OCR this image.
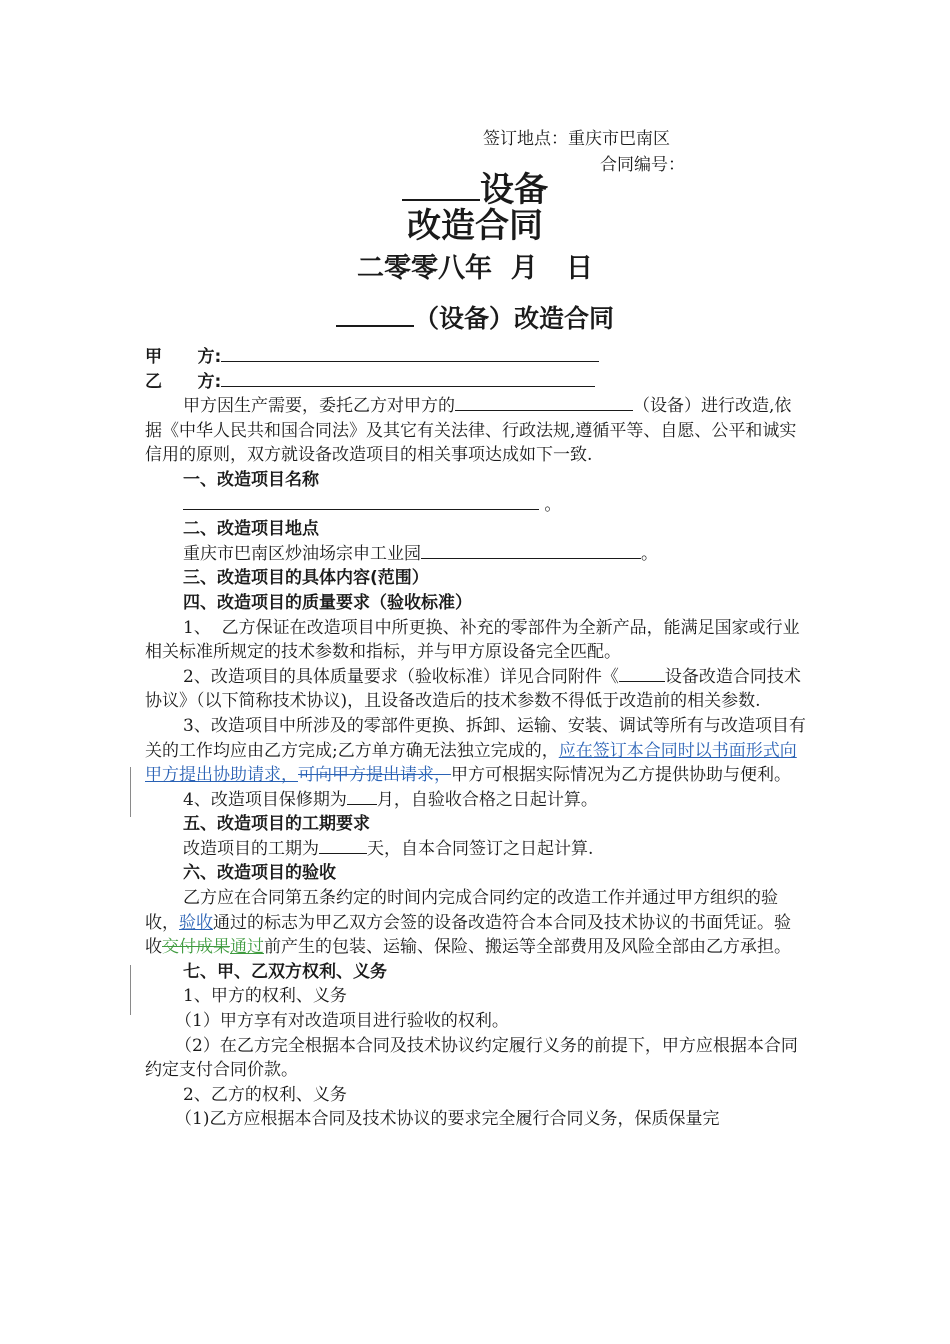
签订地点：重庆市巴南区
合同编号：
设备
改造合同
二零零八年  月   日
（设备）改造合同

甲      方:

乙      方:

甲方因生产需要，委托乙方对甲方的	（设备）进行改造,依据《中华人民共和国合同法》及其它有关法律、行政法规,遵循平等、自愿、公平和诚实信用的原则，双方就设备改造项目的相关事项达成如下一致.

一、改造项目名称

。

二、改造项目地点

重庆市巴南区炒油场宗申工业园	。

三、改造项目的具体内容(范围）

四、改造项目的质量要求（验收标准）

1、  乙方保证在改造项目中所更换、补充的零部件为全新产品，能满足国家或行业相关标准所规定的技术参数和指标，并与甲方原设备完全匹配。

2、改造项目的具体质量要求（验收标准）详见合同附件《	设备改造合同技术协议》（以下简称技术协议)，且设备改造后的技术参数不得低于改造前的相关参数.

3、改造项目中所涉及的零部件更换、拆卸、运输、安装、调试等所有与改造项目有关的工作均应由乙方完成;乙方单方确无法独立完成的，应在签订本合同时以书面形式向甲方提出协助请求，可向甲方提出请求，甲方可根据实际情况为乙方提供协助与便利。

4、改造项目保修期为 月，自验收合格之日起计算。

五、改造项目的工期要求

改造项目的工期为	天，自本合同签订之日起计算.

六、改造项目的验收

乙方应在合同第五条约定的时间内完成合同约定的改造工作并通过甲方组织的验收，验收通过的标志为甲乙双方会签的设备改造符合本合同及技术协议的书面凭证。验收交付成果通过前产生的包装、运输、保险、搬运等全部费用及风险全部由乙方承担。

七、甲、乙双方权利、义务

1、甲方的权利、义务

（1）甲方享有对改造项目进行验收的权利。

（2）在乙方完全根据本合同及技术协议约定履行义务的前提下，甲方应根据本合同约定支付合同价款。

2、乙方的权利、义务

（1)乙方应根据本合同及技术协议的要求完全履行合同义务，保质保量完
